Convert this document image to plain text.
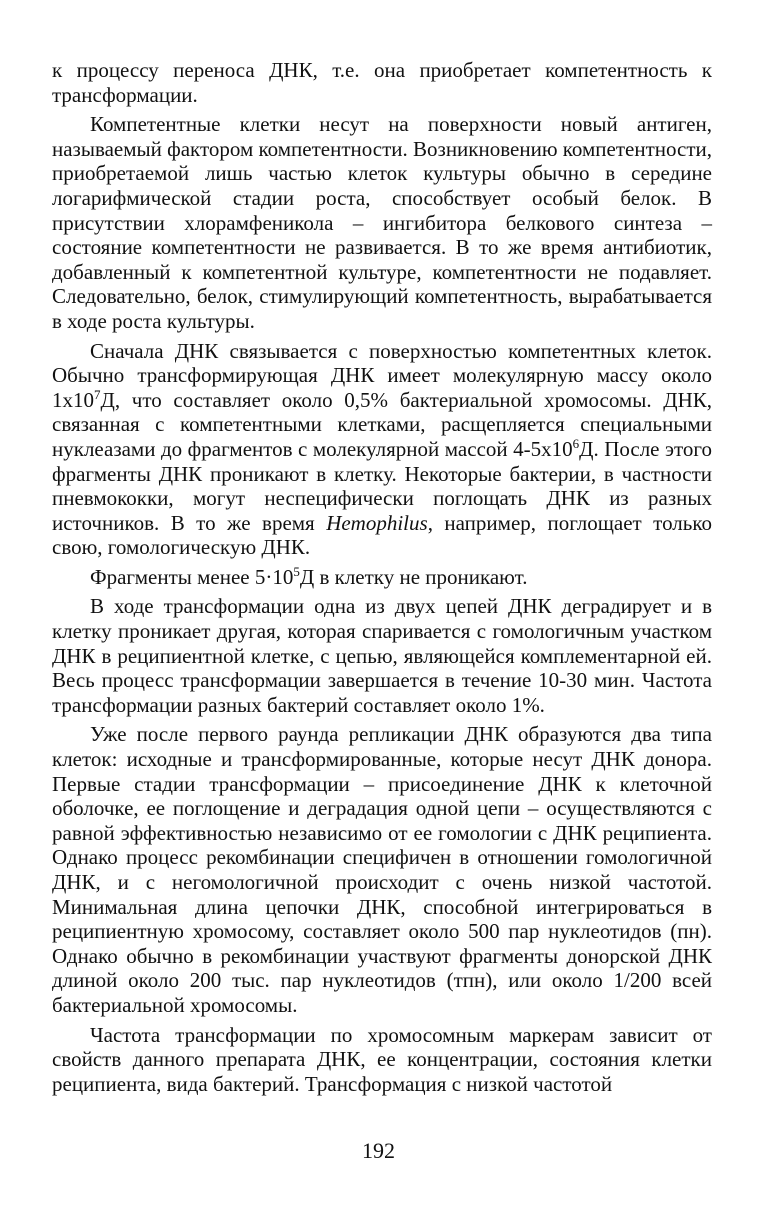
к процессу переноса ДНК, т.е. она приобретает компетентность к трансформации.

Компетентные клетки несут на поверхности новый антиген, называемый фактором компетентности. Возникновению компетентности, приобретаемой лишь частью клеток культуры обычно в середине логарифмической стадии роста, способствует особый белок. В присутствии хлорамфеникола – ингибитора белкового синтеза – состояние компетентности не развивается. В то же время антибиотик, добавленный к компетентной культуре, компетентности не подавляет. Следовательно, белок, стимулирующий компетентность, вырабатывается в ходе роста культуры.

Сначала ДНК связывается с поверхностью компетентных клеток. Обычно трансформирующая ДНК имеет молекулярную массу около $1х10^7Д$, что составляет около 0,5% бактериальной хромосомы. ДНК, связанная с компетентными клетками, расщепляется специальными нуклеазами до фрагментов с молекулярной массой $4-5х10^6Д$. После этого фрагменты ДНК проникают в клетку. Некоторые бактерии, в частности пневмококки, могут неспецифически поглощать ДНК из разных источников. В то же время Hemophilus, например, поглощает только свою, гомологическую ДНК.

Фрагменты менее $5\cdot 10^5Д$ в клетку не проникают.

В ходе трансформации одна из двух цепей ДНК деградирует и в клетку проникает другая, которая спаривается с гомологичным участком ДНК в реципиентной клетке, с цепью, являющейся комплементарной ей. Весь процесс трансформации завершается в течение 10-30 мин. Частота трансформации разных бактерий составляет около 1%.

Уже после первого раунда репликации ДНК образуются два типа клеток: исходные и трансформированные, которые несут ДНК донора. Первые стадии трансформации – присоединение ДНК к клеточной оболочке, ее поглощение и деградация одной цепи – осуществляются с равной эффективностью независимо от ее гомологии с ДНК реципиента. Однако процесс рекомбинации специфичен в отношении гомологичной ДНК, и с негомологичной происходит с очень низкой частотой. Минимальная длина цепочки ДНК, способной интегрироваться в реципиентную хромосому, составляет около 500 пар нуклеотидов (пн). Однако обычно в рекомбинации участвуют фрагменты донорской ДНК длиной около 200 тыс. пар нуклеотидов (тпн), или около 1/200 всей бактериальной хромосомы.

Частота трансформации по хромосомным маркерам зависит от свойств данного препарата ДНК, ее концентрации, состояния клетки реципиента, вида бактерий. Трансформация с низкой частотой

192
